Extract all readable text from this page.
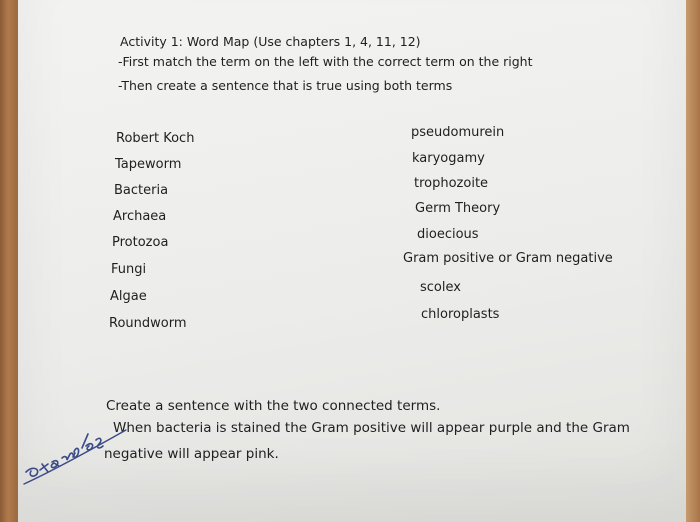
Activity 1: Word Map (Use chapters 1, 4, 11, 12)
-First match the term on the left with the correct term on the right
-Then create a sentence that is true using both terms
Robert Koch
Tapeworm
Bacteria
Archaea
Protozoa
Fungi
Algae
Roundworm
pseudomurein
karyogamy
trophozoite
Germ Theory
dioecious
Gram positive or Gram negative
scolex
chloroplasts
Create a sentence with the two connected terms.
When bacteria is stained the Gram positive will appear purple and the Gram
negative will appear pink.
